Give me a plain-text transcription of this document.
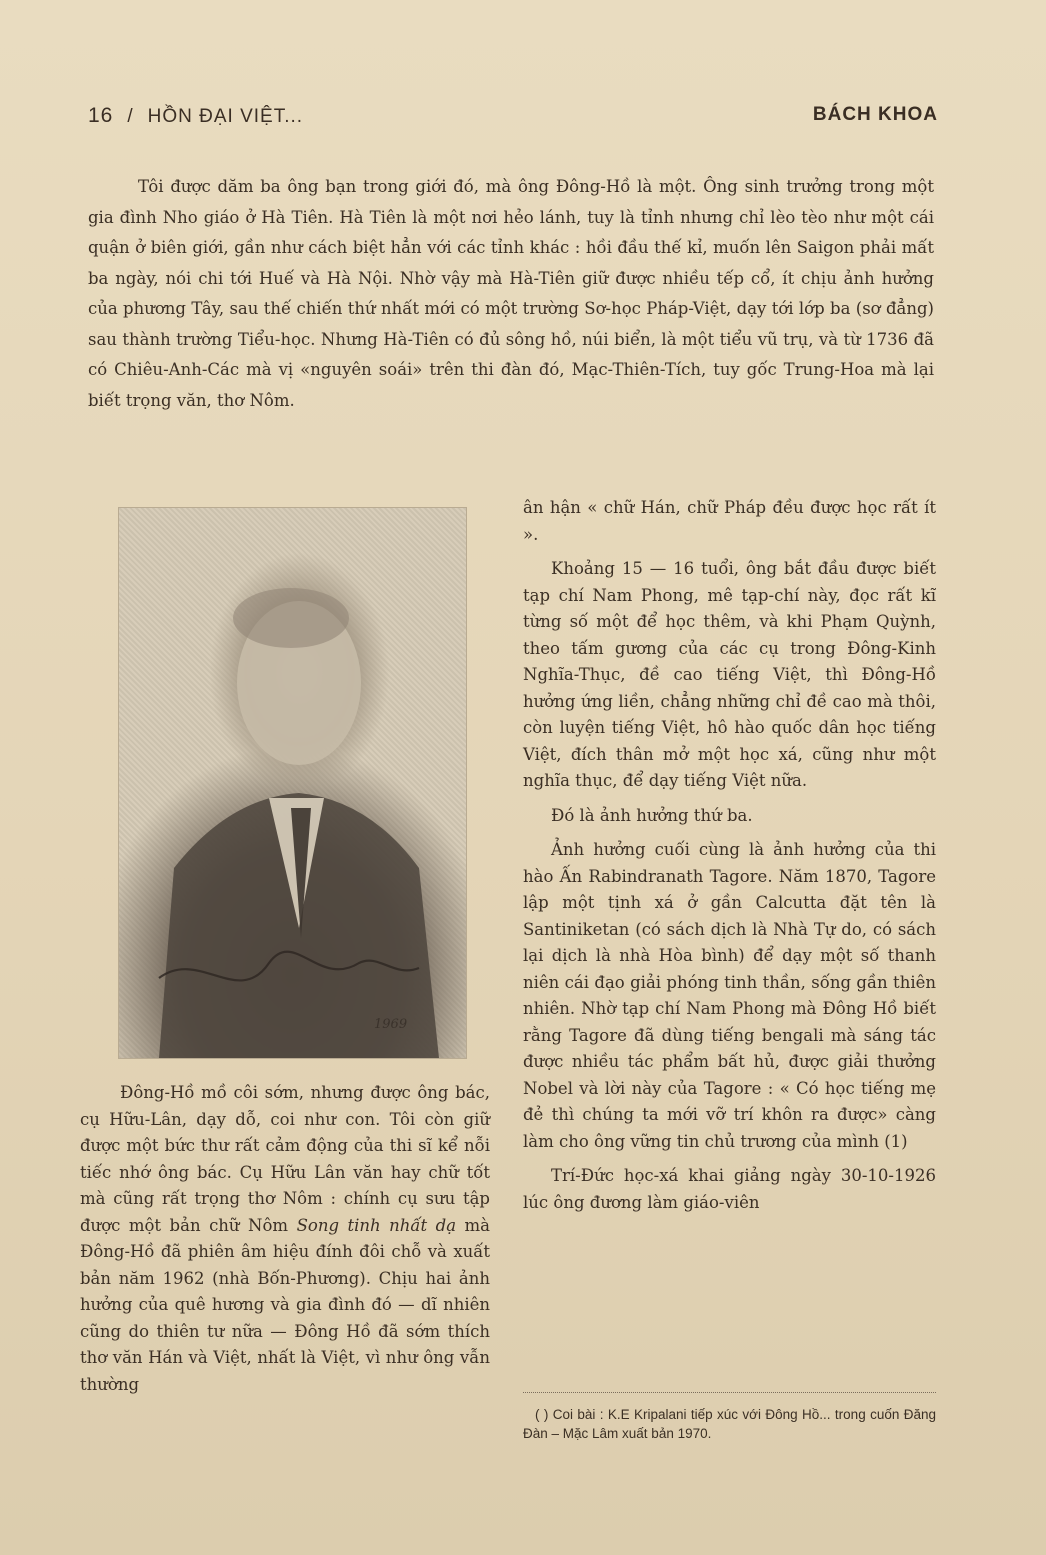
16 / HỒN ĐẠI VIỆT...	BÁCH KHOA

Tôi được dăm ba ông bạn trong giới đó, mà ông Đông-Hồ là một. Ông sinh trưởng trong một gia đình Nho giáo ở Hà Tiên. Hà Tiên là một nơi hẻo lánh, tuy là tỉnh nhưng chỉ lèo tèo như một cái quận ở biên giới, gần như cách biệt hẳn với các tỉnh khác : hồi đầu thế kỉ, muốn lên Saigon phải mất ba ngày, nói chi tới Huế và Hà Nội. Nhờ vậy mà Hà-Tiên giữ được nhiều tếp cổ, ít chịu ảnh hưởng của phương Tây, sau thế chiến thứ nhất mới có một trường Sơ-học Pháp-Việt, dạy tới lớp ba (sơ đẳng) sau thành trường Tiểu-học. Nhưng Hà-Tiên có đủ sông hồ, núi biển, là một tiểu vũ trụ, và từ 1736 đã có Chiêu-Anh-Các mà vị «nguyên soái» trên thi đàn đó, Mạc-Thiên-Tích, tuy gốc Trung-Hoa mà lại biết trọng văn, thơ Nôm.

1969

Đông-Hồ mồ côi sớm, nhưng được ông bác, cụ Hữu-Lân, dạy dỗ, coi như con. Tôi còn giữ được một bức thư rất cảm động của thi sĩ kể nỗi tiếc nhớ ông bác. Cụ Hữu Lân văn hay chữ tốt mà cũng rất trọng thơ Nôm : chính cụ sưu tập được một bản chữ Nôm Song tinh nhất dạ mà Đông-Hồ đã phiên âm hiệu đính đôi chỗ và xuất bản năm 1962 (nhà Bốn-Phương). Chịu hai ảnh hưởng của quê hương và gia đình đó — dĩ nhiên cũng do thiên tư nữa — Đông Hồ đã sớm thích thơ văn Hán và Việt, nhất là Việt, vì như ông vẫn thường

ân hận « chữ Hán, chữ Pháp đều được học rất ít ».

Khoảng 15 — 16 tuổi, ông bắt đầu được biết tạp chí Nam Phong, mê tạp-chí này, đọc rất kĩ từng số một để học thêm, và khi Phạm Quỳnh, theo tấm gương của các cụ trong Đông-Kinh Nghĩa-Thục, đề cao tiếng Việt, thì Đông-Hồ hưởng ứng liền, chẳng những chỉ đề cao mà thôi, còn luyện tiếng Việt, hô hào quốc dân học tiếng Việt, đích thân mở một học xá, cũng như một nghĩa thục, để dạy tiếng Việt nữa.

Đó là ảnh hưởng thứ ba.

Ảnh hưởng cuối cùng là ảnh hưởng của thi hào Ấn Rabindranath Tagore. Năm 1870, Tagore lập một tịnh xá ở gần Calcutta đặt tên là Santiniketan (có sách dịch là Nhà Tự do, có sách lại dịch là nhà Hòa bình) để dạy một số thanh niên cái đạo giải phóng tinh thần, sống gần thiên nhiên. Nhờ tạp chí Nam Phong mà Đông Hồ biết rằng Tagore đã dùng tiếng bengali mà sáng tác được nhiều tác phẩm bất hủ, được giải thưởng Nobel và lời này của Tagore : « Có học tiếng mẹ đẻ thì chúng ta mới vỡ trí khôn ra được» càng làm cho ông vững tin chủ trương của mình (1)

Trí-Đức học-xá khai giảng ngày 30-10-1926 lúc ông đương làm giáo-viên

( ) Coi bài : K.E Kripalani tiếp xúc với Đông Hồ... trong cuốn Đăng Đàn – Mặc Lâm xuất bản 1970.
